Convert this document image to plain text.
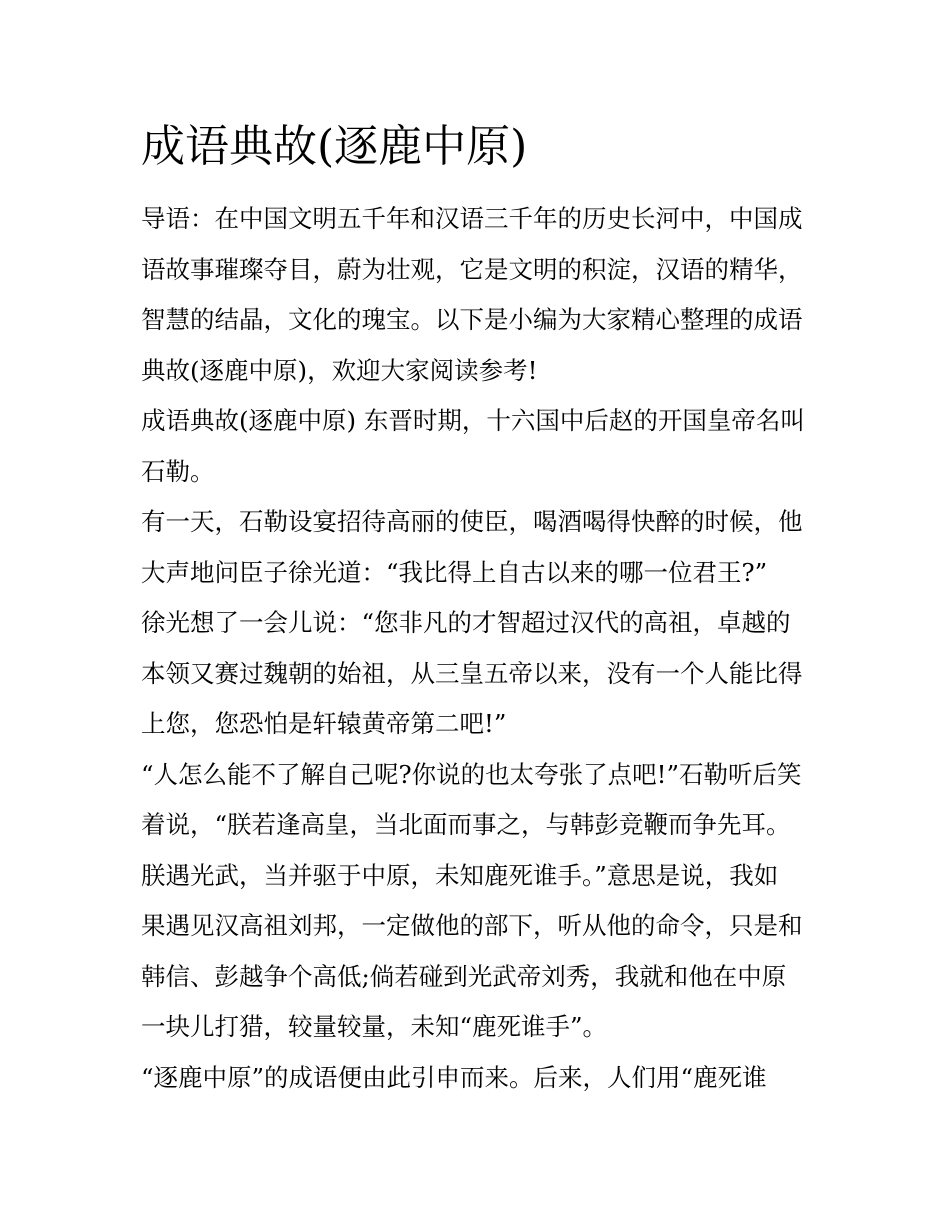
成语典故(逐鹿中原)

导语：在中国文明五千年和汉语三千年的历史长河中，中国成
语故事璀璨夺目，蔚为壮观，它是文明的积淀，汉语的精华，
智慧的结晶，文化的瑰宝。以下是小编为大家精心整理的成语
典故(逐鹿中原)，欢迎大家阅读参考!

成语典故(逐鹿中原) 东晋时期，十六国中后赵的开国皇帝名叫
石勒。

有一天，石勒设宴招待高丽的使臣，喝酒喝得快醉的时候，他
大声地问臣子徐光道：“我比得上自古以来的哪一位君王?”

徐光想了一会儿说：“您非凡的才智超过汉代的高祖，卓越的
本领又赛过魏朝的始祖，从三皇五帝以来，没有一个人能比得
上您，您恐怕是轩辕黄帝第二吧!”

“人怎么能不了解自己呢?你说的也太夸张了点吧!”石勒听后笑
着说，“朕若逢高皇，当北面而事之，与韩彭竞鞭而争先耳。
朕遇光武，当并驱于中原，未知鹿死谁手。”意思是说，我如
果遇见汉高祖刘邦，一定做他的部下，听从他的命令，只是和
韩信、彭越争个高低;倘若碰到光武帝刘秀，我就和他在中原
一块儿打猎，较量较量，未知“鹿死谁手”。

“逐鹿中原”的成语便由此引申而来。后来，人们用“鹿死谁
